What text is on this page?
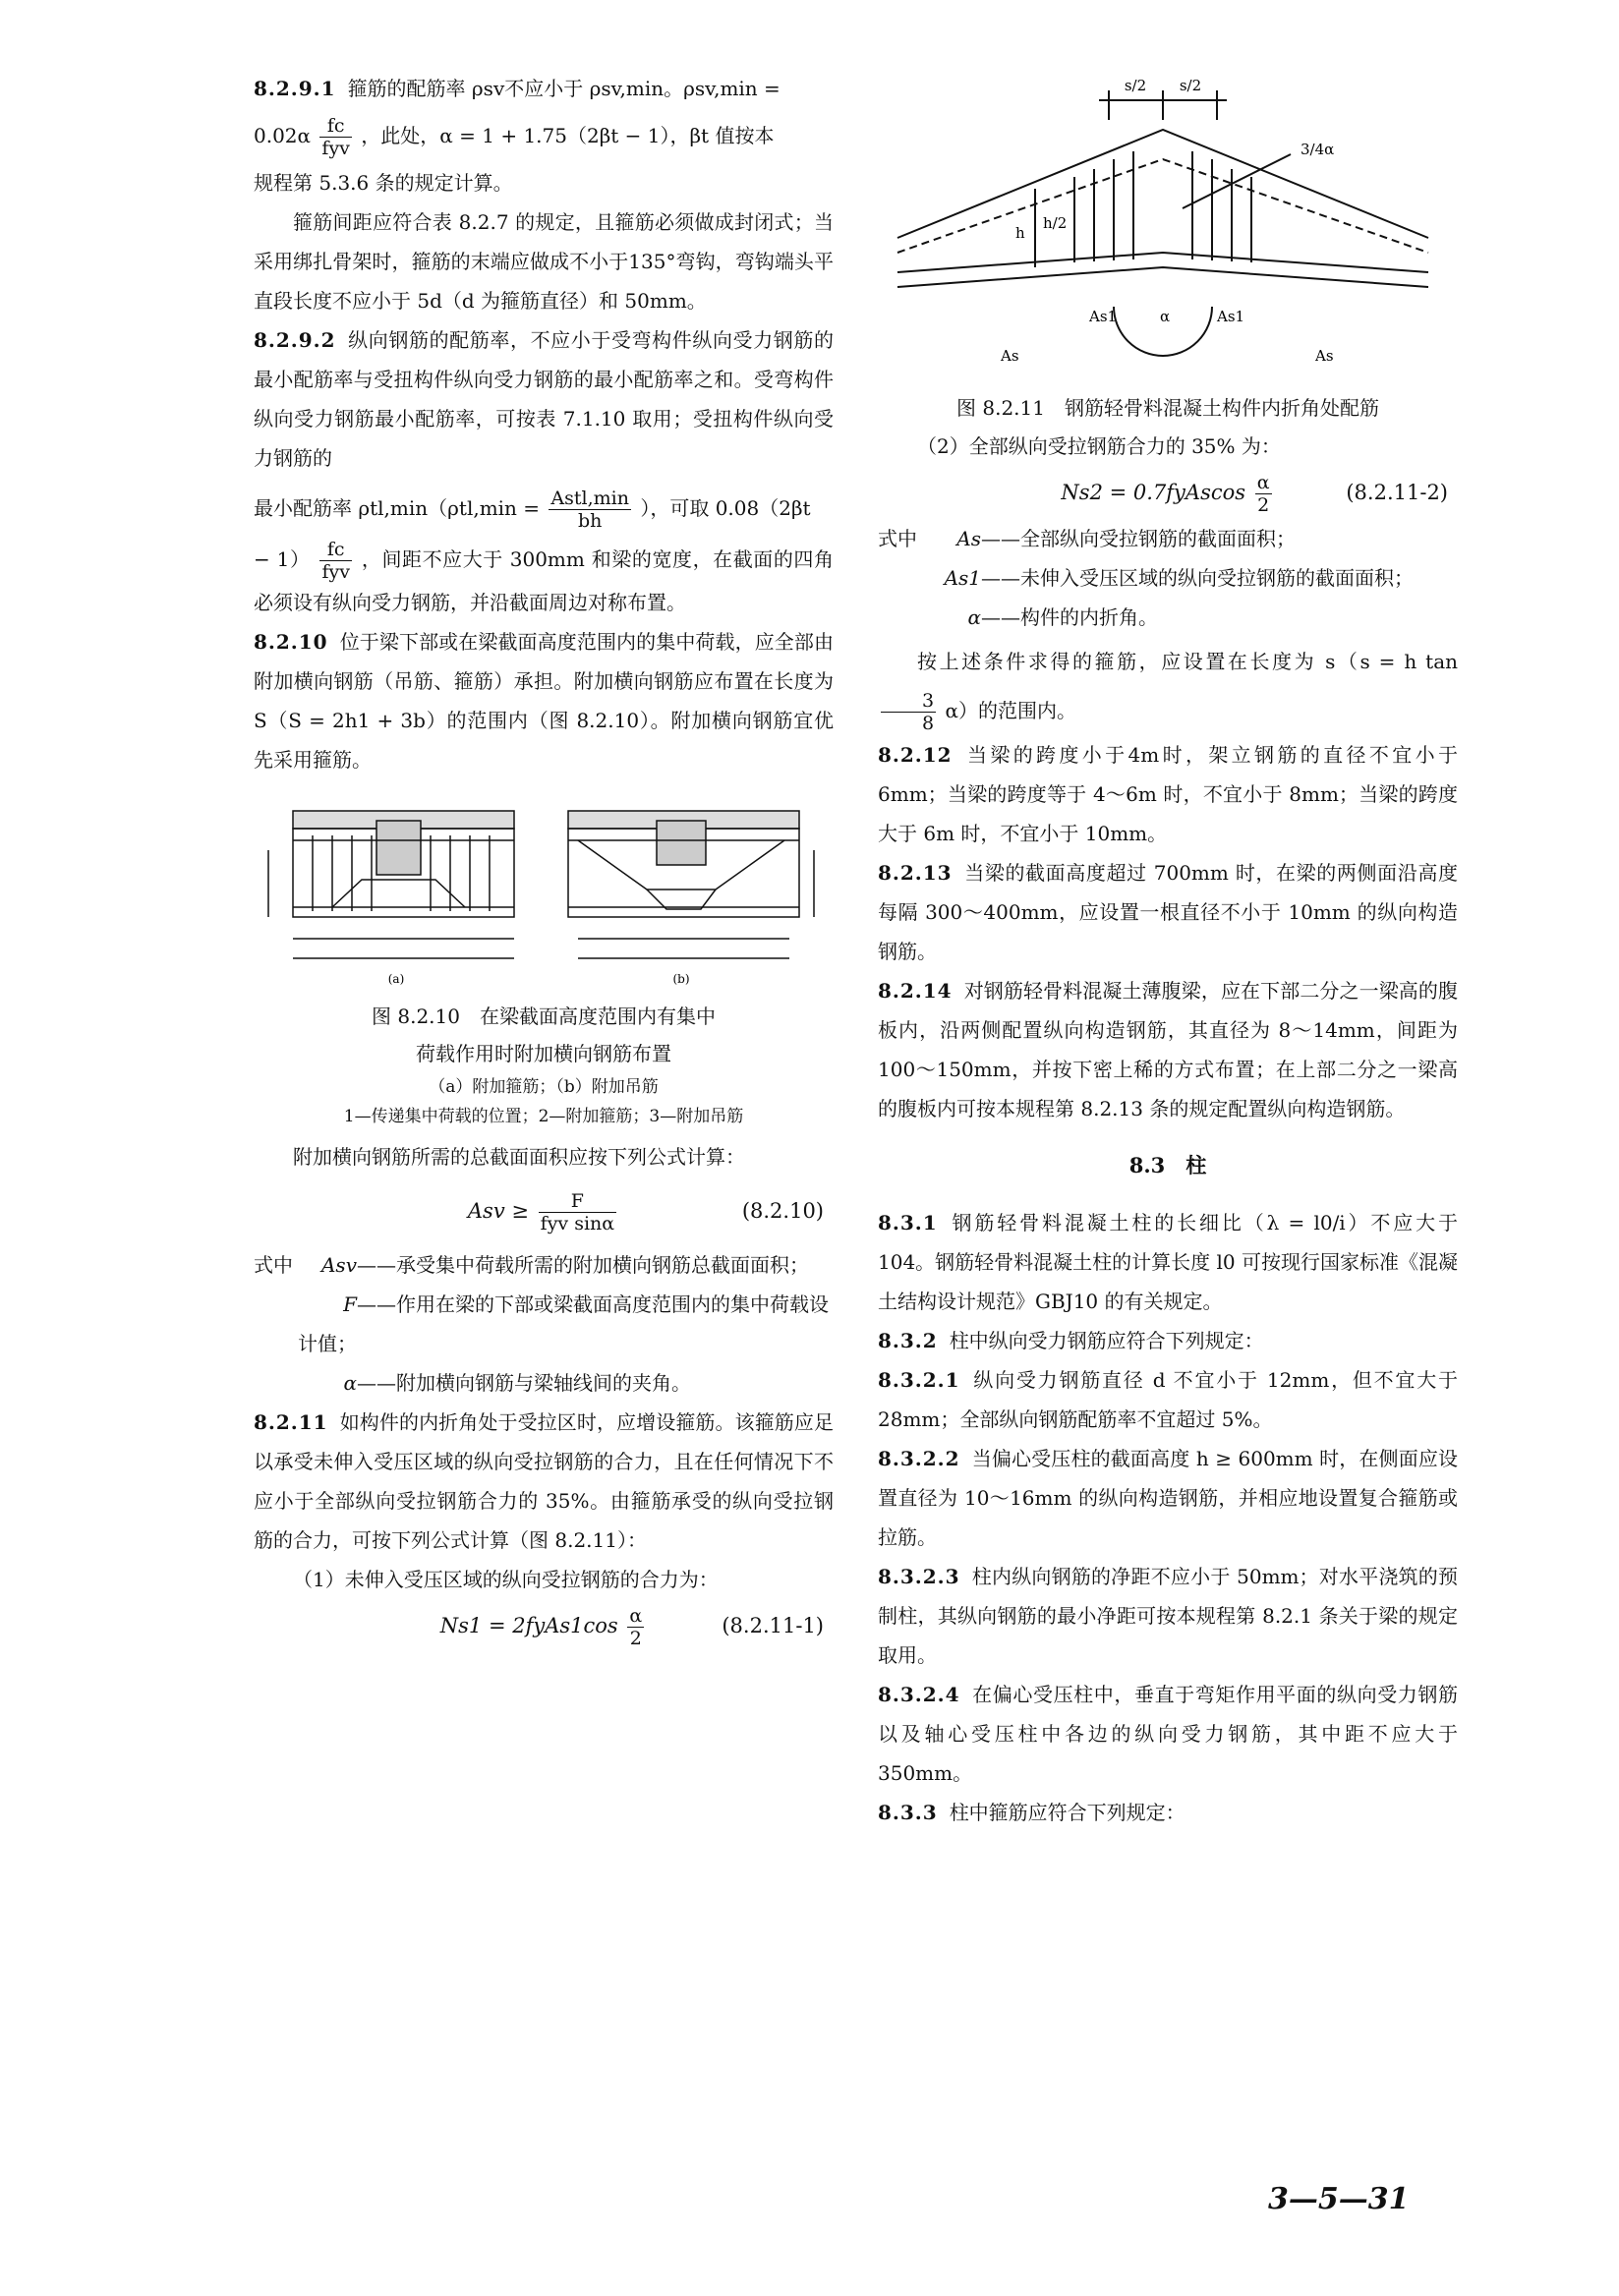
8.2.9.1 箍筋的配筋率 ρsv不应小于 ρsv,min。ρsv,min =

$0.02\alpha \frac{fc}{\text{fyv}}$ ，此处，α = 1 + 1.75（2βt − 1），βt 值按本

规程第 5.3.6 条的规定计算。

箍筋间距应符合表 8.2.7 的规定，且箍筋必须做成封闭式；当采用绑扎骨架时，箍筋的末端应做成不小于135°弯钩，弯钩端头平直段长度不应小于 5d（d 为箍筋直径）和 50mm。

8.2.9.2 纵向钢筋的配筋率，不应小于受弯构件纵向受力钢筋的最小配筋率与受扭构件纵向受力钢筋的最小配筋率之和。受弯构件纵向受力钢筋最小配筋率，可按表 7.1.10 取用；受扭构件纵向受力钢筋的

最小配筋率 $\rho tl,\min(\rho tl,\min = \frac{\text{Astl,min}}{bh}$ ），可取 0.08（2βt

− $1) \frac{fc}{\text{fyv}}$ ，间距不应大于 300mm 和梁的宽度，在截面的四角必须设有纵向受力钢筋，并沿截面周边对称布置。

8.2.10 位于梁下部或在梁截面高度范围内的集中荷载，应全部由附加横向钢筋（吊筋、箍筋）承担。附加横向钢筋应布置在长度为 S（S = 2h1 + 3b）的范围内（图 8.2.10）。附加横向钢筋宜优先采用箍筋。

(a)	(b)

图 8.2.10　在梁截面高度范围内有集中

荷载作用时附加横向钢筋布置

（a）附加箍筋；（b）附加吊筋

1—传递集中荷载的位置；2—附加箍筋；3—附加吊筋

附加横向钢筋所需的总截面面积应按下列公式计算：

Asv ≥ $\frac{F}{\text{fyv sinα}}$	(8.2.10)
式中	Asv——承受集中荷载所需的附加横向钢筋总截面面积；
F——作用在梁的下部或梁截面高度范围内的集中荷载设计值；
α——附加横向钢筋与梁轴线间的夹角。

8.2.11 如构件的内折角处于受拉区时，应增设箍筋。该箍筋应足以承受未伸入受压区域的纵向受拉钢筋的合力，且在任何情况下不应小于全部纵向受拉钢筋合力的 35%。由箍筋承受的纵向受拉钢筋的合力，可按下列公式计算（图 8.2.11）：

（1）未伸入受压区域的纵向受拉钢筋的合力为：

Ns1 = 2fyAs1cos $\frac{\alpha}{2}$	(8.2.11-1)
s/2 s/2
3/4α
h
h/2
As
As1	α	As1
As

图 8.2.11　钢筋轻骨料混凝土构件内折角处配筋

（2）全部纵向受拉钢筋合力的 35% 为：

Ns2 = 0.7fyAscos $\frac{\alpha}{2}$	(8.2.11-2)
式中	As——全部纵向受拉钢筋的截面面积；
As1——未伸入受压区域的纵向受拉钢筋的截面面积；
α——构件的内折角。

按上述条件求得的箍筋，应设置在长度为 s（s = h tan
$\frac{3}{8} \alpha$）的范围内。

8.2.12 当梁的跨度小于4m时，架立钢筋的直径不宜小于 6mm；当梁的跨度等于 4～6m 时，不宜小于 8mm；当梁的跨度大于 6m 时，不宜小于 10mm。

8.2.13 当梁的截面高度超过 700mm 时，在梁的两侧面沿高度每隔 300～400mm，应设置一根直径不小于 10mm 的纵向构造钢筋。

8.2.14 对钢筋轻骨料混凝土薄腹梁，应在下部二分之一梁高的腹板内，沿两侧配置纵向构造钢筋，其直径为 8～14mm，间距为 100～150mm，并按下密上稀的方式布置；在上部二分之一梁高的腹板内可按本规程第 8.2.13 条的规定配置纵向构造钢筋。

8.3　柱

8.3.1 钢筋轻骨料混凝土柱的长细比（λ = l0/i）不应大于 104。钢筋轻骨料混凝土柱的计算长度 l0 可按现行国家标准《混凝土结构设计规范》GBJ10 的有关规定。

8.3.2 柱中纵向受力钢筋应符合下列规定：

8.3.2.1 纵向受力钢筋直径 d 不宜小于 12mm，但不宜大于 28mm；全部纵向钢筋配筋率不宜超过 5%。

8.3.2.2 当偏心受压柱的截面高度 h ≥ 600mm 时，在侧面应设置直径为 10～16mm 的纵向构造钢筋，并相应地设置复合箍筋或拉筋。

8.3.2.3 柱内纵向钢筋的净距不应小于 50mm；对水平浇筑的预制柱，其纵向钢筋的最小净距可按本规程第 8.2.1 条关于梁的规定取用。

8.3.2.4 在偏心受压柱中，垂直于弯矩作用平面的纵向受力钢筋以及轴心受压柱中各边的纵向受力钢筋，其中距不应大于 350mm。

8.3.3 柱中箍筋应符合下列规定：

3—5—31
